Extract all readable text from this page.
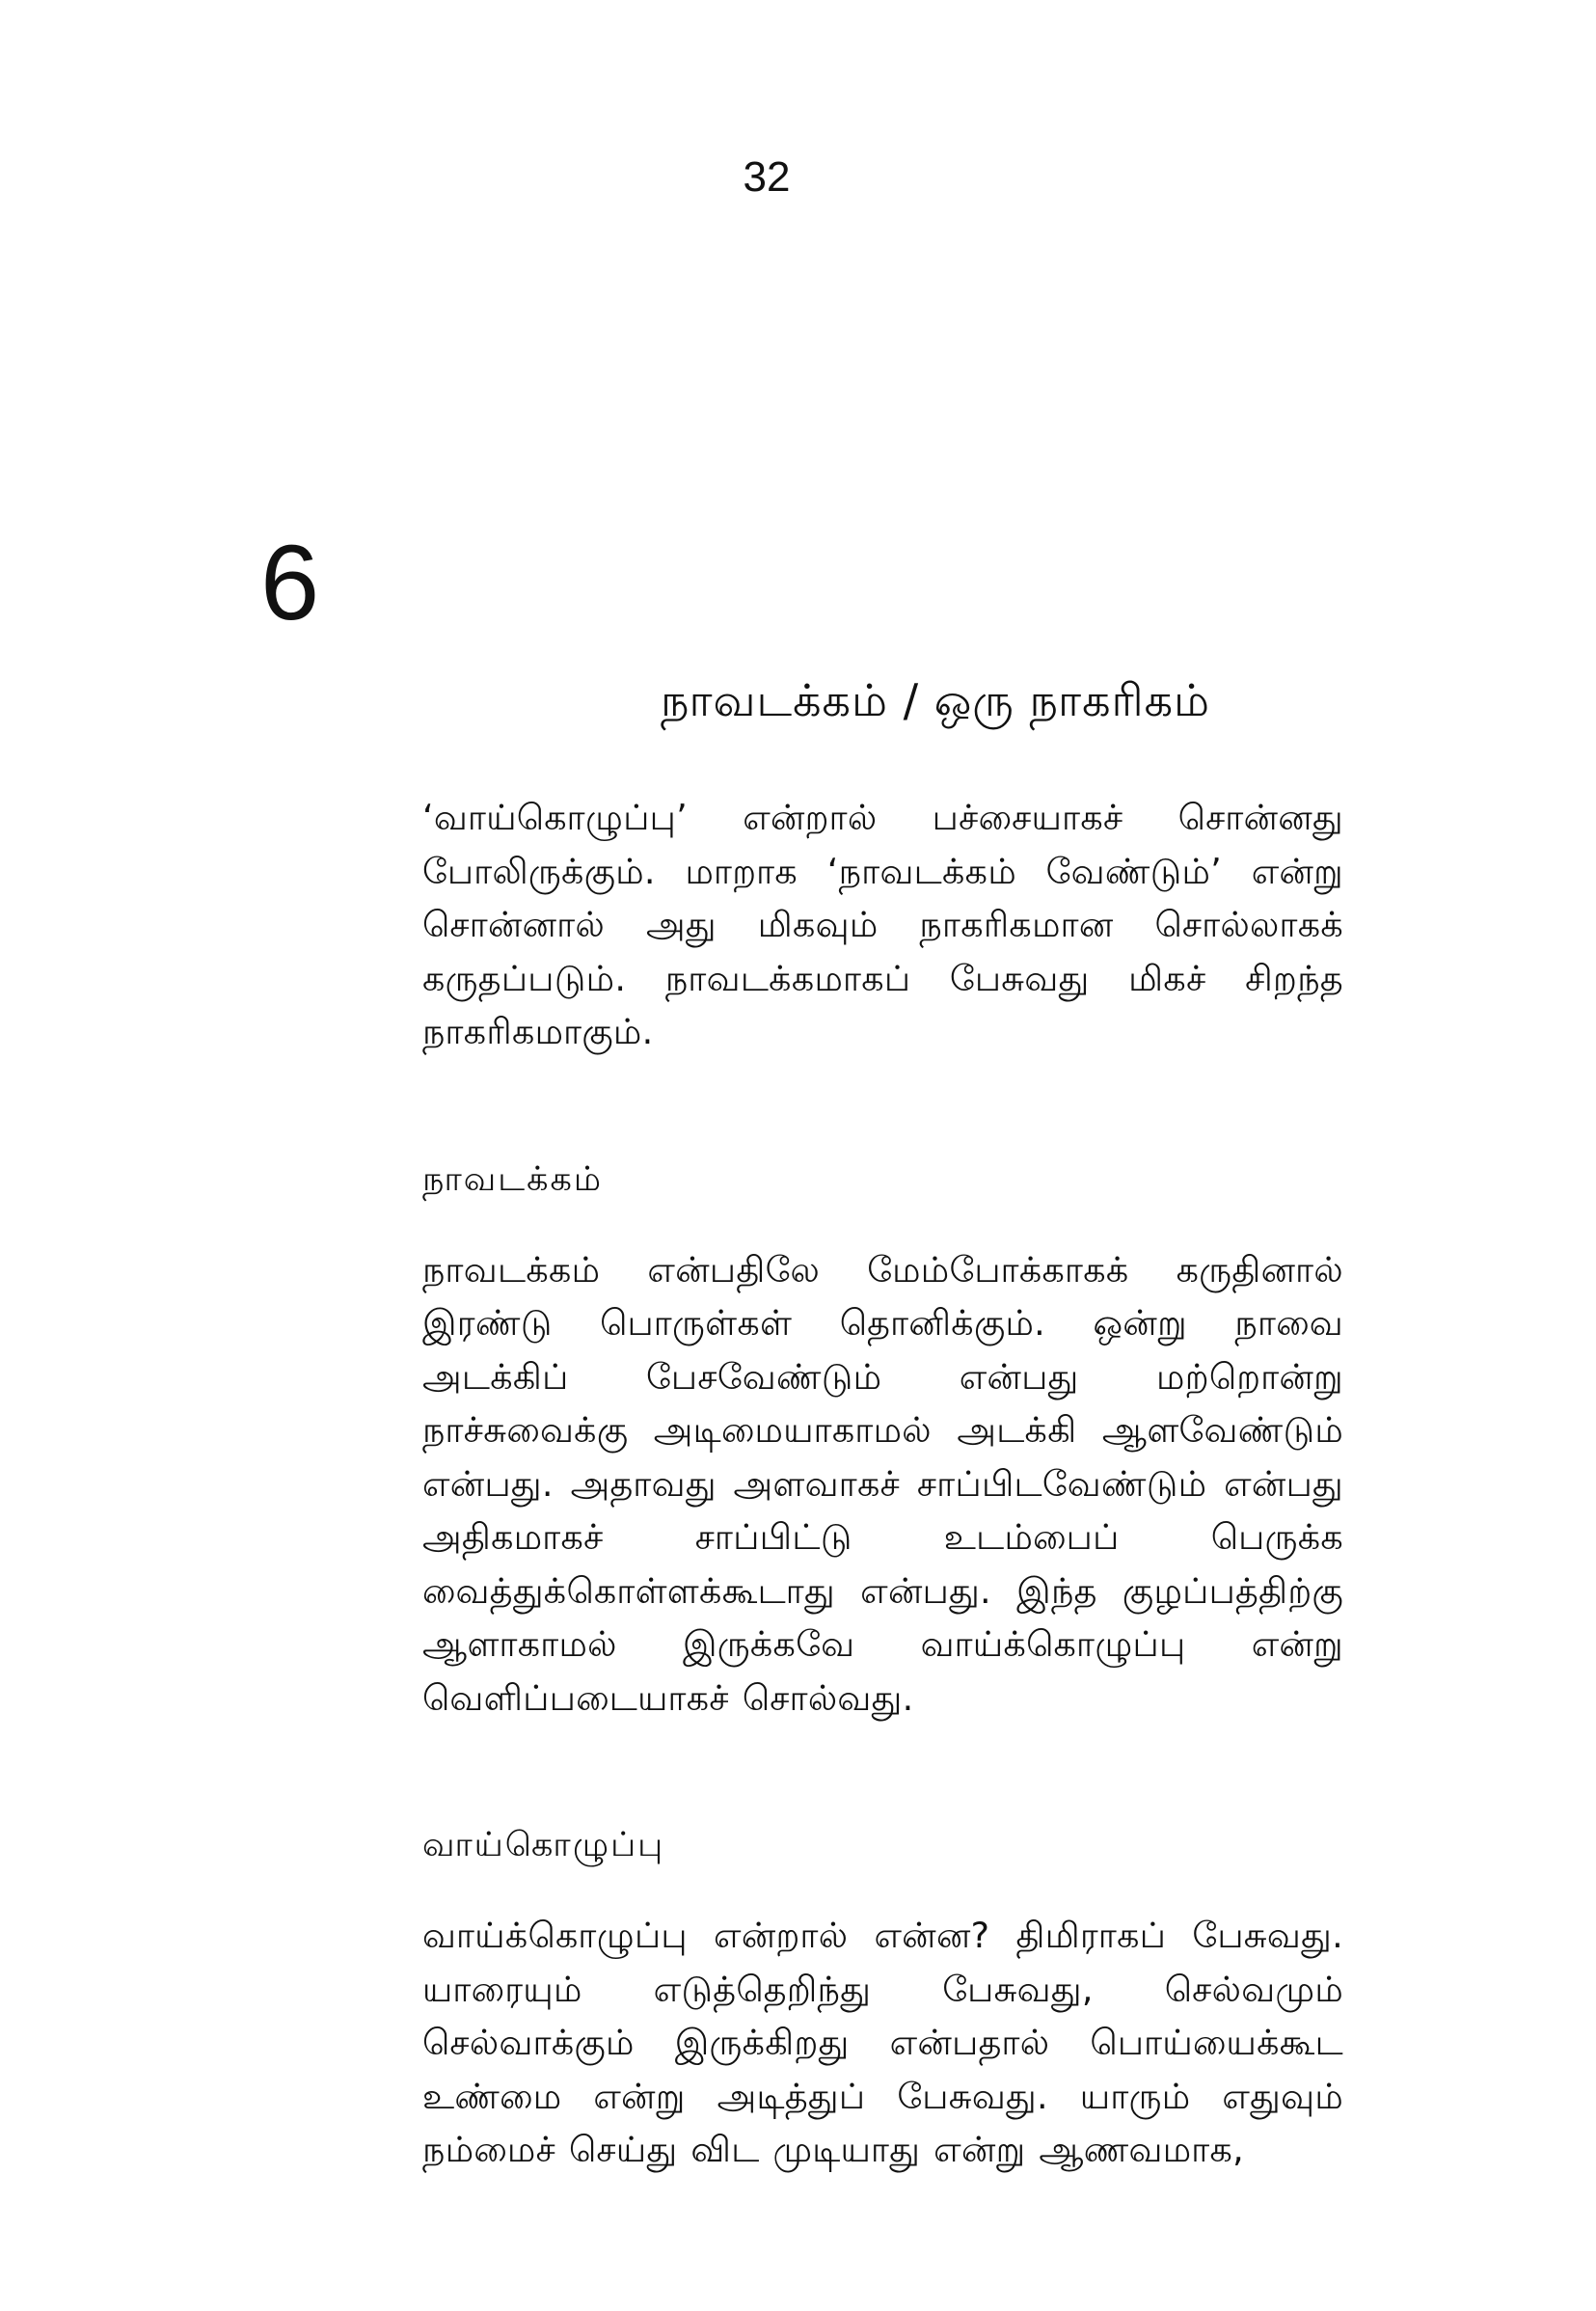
32
6
நாவடக்கம் / ஒரு நாகரிகம்

‘வாய்கொழுப்பு’ என்றால் பச்சையாகச் சொன்னது போலிருக்கும். மாறாக ‘நாவடக்கம் வேண்டும்’ என்று சொன்னால் அது மிகவும் நாகரிகமான சொல்லாகக் கருதப்படும். நாவடக்கமாகப் பேசுவது மிகச் சிறந்த நாகரிகமாகும்.

நாவடக்கம்

நாவடக்கம் என்பதிலே மேம்போக்காகக் கருதினால் இரண்டு பொருள்கள் தொனிக்கும். ஒன்று நாவை அடக்கிப் பேசவேண்டும் என்பது மற்றொன்று நாச்சுவைக்கு அடிமையாகாமல் அடக்கி ஆளவேண்டும் என்பது. அதாவது அளவாகச் சாப்பிடவேண்டும் என்பது அதிகமாகச் சாப்பிட்டு உடம்பைப் பெருக்க வைத்துக்கொள்ளக்கூடாது என்பது. இந்த குழப்பத்திற்கு ஆளாகாமல் இருக்கவே வாய்க்கொழுப்பு என்று வெளிப்படையாகச் சொல்வது.

வாய்கொழுப்பு

வாய்க்கொழுப்பு என்றால் என்ன? திமிராகப் பேசுவது. யாரையும் எடுத்தெறிந்து பேசுவது, செல்வமும் செல்வாக்கும் இருக்கிறது என்பதால் பொய்யைக்கூட உண்மை என்று அடித்துப் பேசுவது. யாரும் எதுவும் நம்மைச் செய்து விட முடியாது என்று ஆணவமாக,
